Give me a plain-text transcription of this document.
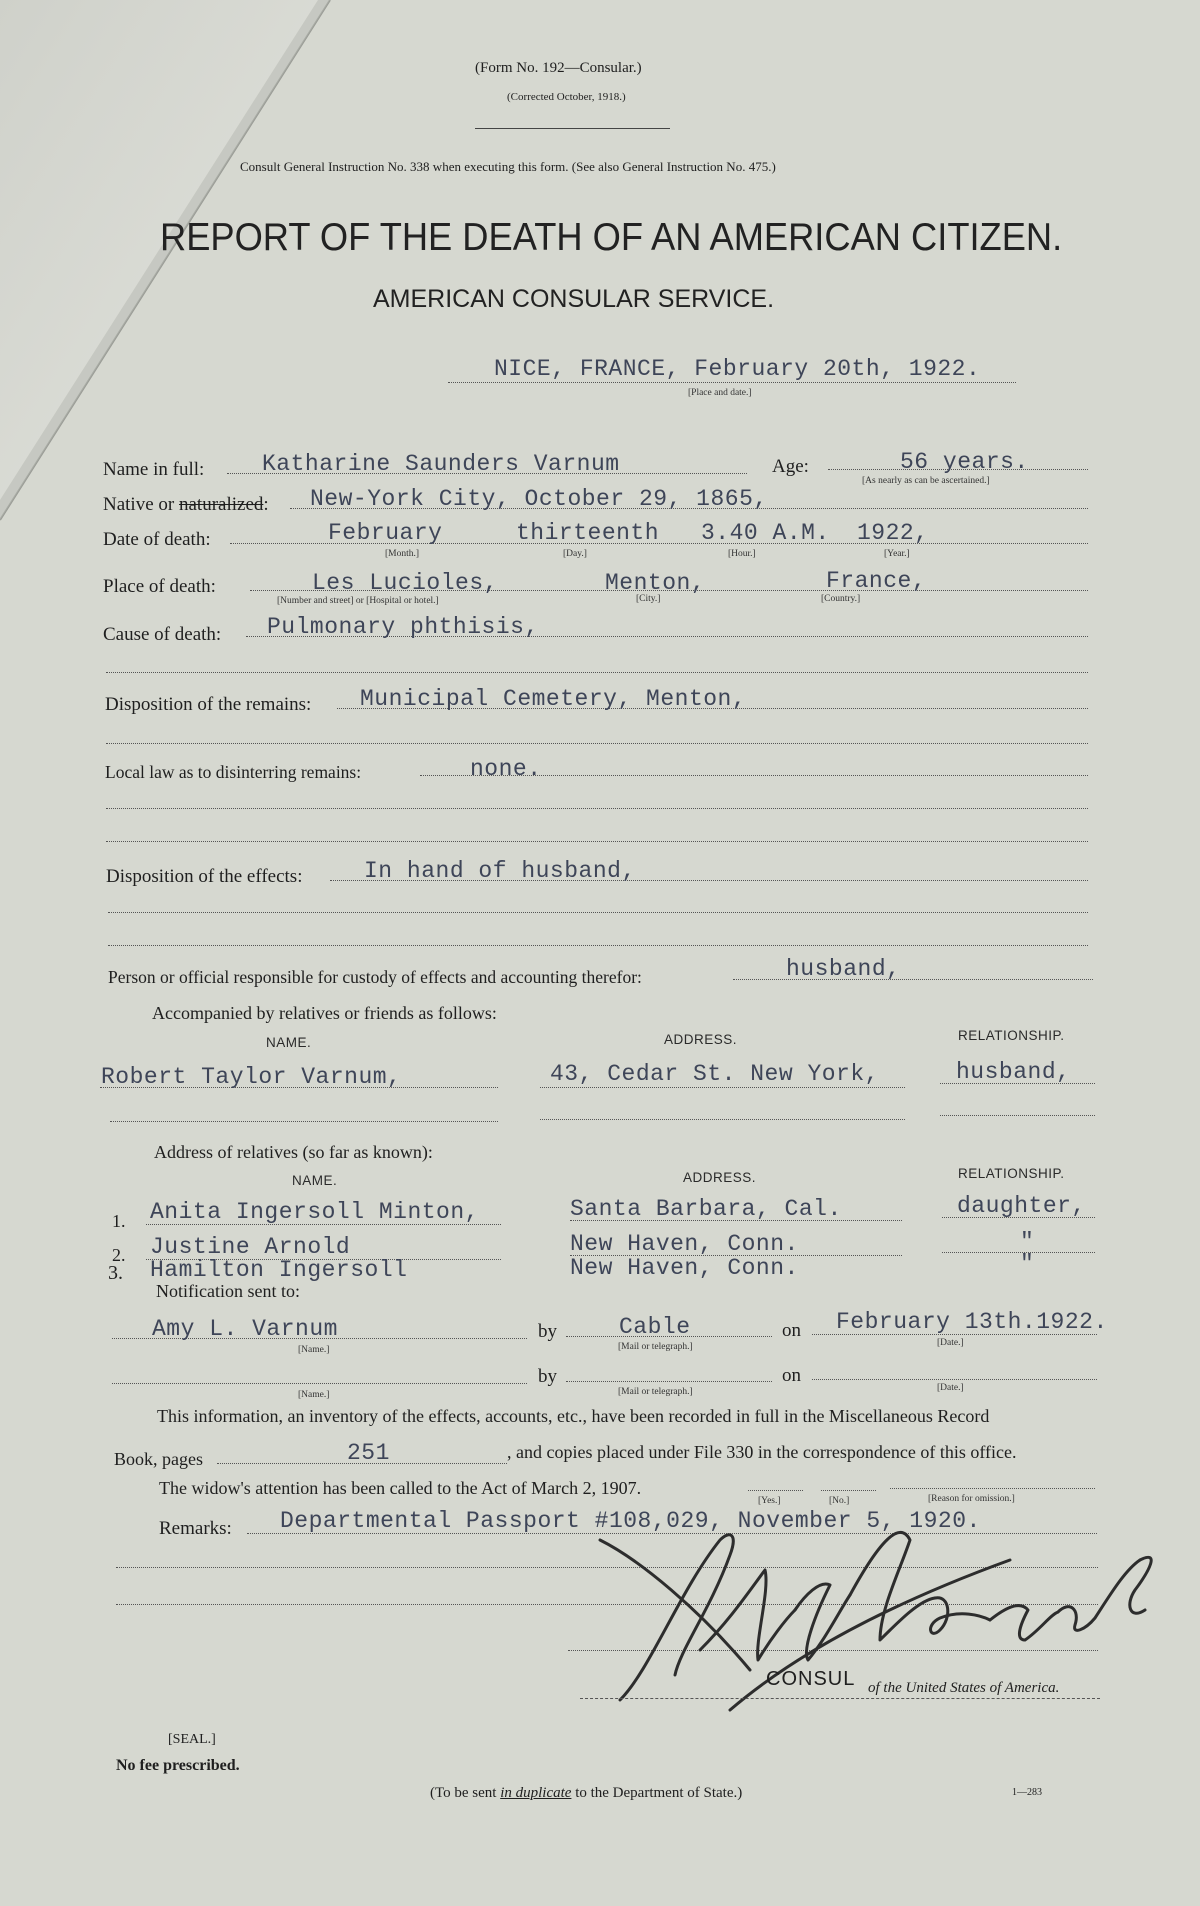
(Form No. 192—Consular.)
(Corrected October, 1918.)
Consult General Instruction No. 338 when executing this form. (See also General Instruction No. 475.)
REPORT OF THE DEATH OF AN AMERICAN CITIZEN.
AMERICAN CONSULAR SERVICE.
NICE, FRANCE, February 20th, 1922.
[Place and date.]
Name in full:	Katharine Saunders Varnum	Age:	56 years.
[As nearly as can be ascertained.]
Native or naturalized: New-York City, October 29, 1865,
Date of death:	February	thirteenth 3.40 A.M. 1922,
[Month.]	[Day.]	[Hour.]	[Year.]
Place of death:	Les Lucioles,	Menton,	France,
[Number and street] or [Hospital or hotel.]	[City.]	[Country.]
Cause of death: Pulmonary phthisis,
Disposition of the remains: Municipal Cemetery, Menton,
Local law as to disinterring remains:	none.
Disposition of the effects:	In hand of husband,
Person or official responsible for custody of effects and accounting therefor:	husband,
Accompanied by relatives or friends as follows:
NAME.	ADDRESS.	RELATIONSHIP.
Robert Taylor Varnum,	43, Cedar St. New York,	husband,
Address of relatives (so far as known):
NAME.	ADDRESS.	RELATIONSHIP.
1. Anita Ingersoll Minton,	Santa Barbara, Cal.	daughter,
2. Justine Arnold	New Haven, Conn.	"
3. Hamilton Ingersoll	New Haven, Conn.	"
Notification sent to:
Amy L. Varnum
[Name.]
by	Cable
[Mail or telegraph.]
on February 13th.1922.
[Date.]
[Name.]
by
[Mail or telegraph.]
on
[Date.]
This information, an inventory of the effects, accounts, etc., have been recorded in full in the Miscellaneous Record
Book, pages	251	, and copies placed under File 330 in the correspondence of this office.
The widow's attention has been called to the Act of March 2, 1907.
[Yes.]	[No.]	[Reason for omission.]
Remarks: Departmental Passport #108,029, November 5, 1920.
CONSUL of the United States of America.
[SEAL.]
No fee prescribed.
(To be sent in duplicate to the Department of State.)	1—283
